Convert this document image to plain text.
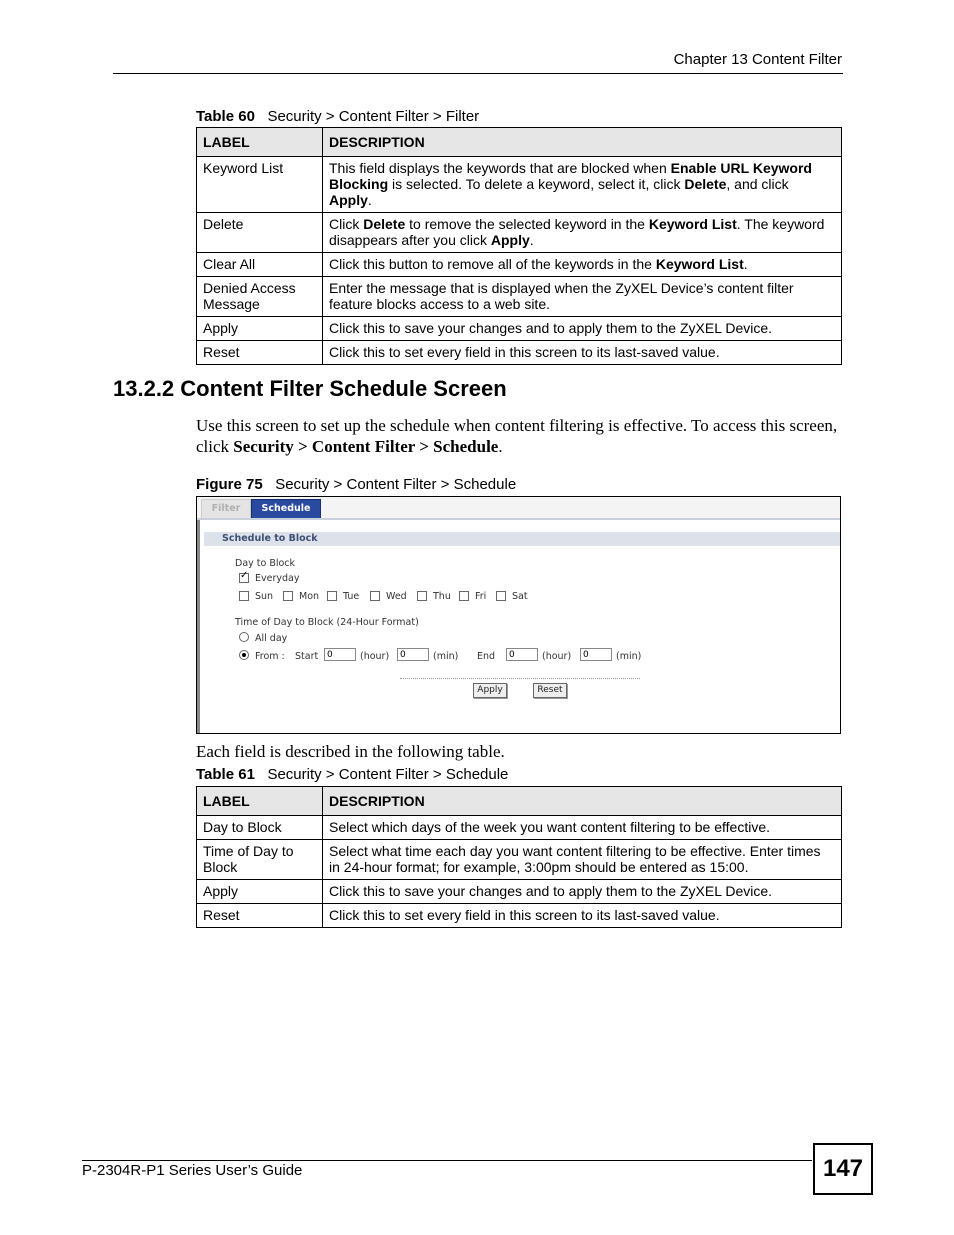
Chapter 13 Content Filter
Table 60 Security > Content Filter > Filter
LABEL	DESCRIPTION
Keyword List	This field displays the keywords that are blocked when Enable URL Keyword Blocking is selected. To delete a keyword, select it, click Delete, and click Apply.
Delete	Click Delete to remove the selected keyword in the Keyword List. The keyword disappears after you click Apply.
Clear All	Click this button to remove all of the keywords in the Keyword List.
Denied Access Message	Enter the message that is displayed when the ZyXEL Device’s content filter feature blocks access to a web site.
Apply	Click this to save your changes and to apply them to the ZyXEL Device.
Reset	Click this to set every field in this screen to its last-saved value.
13.2.2 Content Filter Schedule Screen
Use this screen to set up the schedule when content filtering is effective. To access this screen, click Security > Content Filter > Schedule.
Figure 75 Security > Content Filter > Schedule
Filter	Schedule
Schedule to Block
Day to Block
✓
Everyday
Sun	Mon	Tue	Wed	Thu	Fri	Sat
Time of Day to Block (24-Hour Format)
All day
From : Start 0	(hour)	0	(min) End	0	(hour)	0	(min)
Apply	Reset
Each field is described in the following table.
Table 61 Security > Content Filter > Schedule
LABEL	DESCRIPTION
Day to Block	Select which days of the week you want content filtering to be effective.
Time of Day to Block	Select what time each day you want content filtering to be effective. Enter times in 24-hour format; for example, 3:00pm should be entered as 15:00.
Apply	Click this to save your changes and to apply them to the ZyXEL Device.
Reset	Click this to set every field in this screen to its last-saved value.
P-2304R-P1 Series User’s Guide	147
